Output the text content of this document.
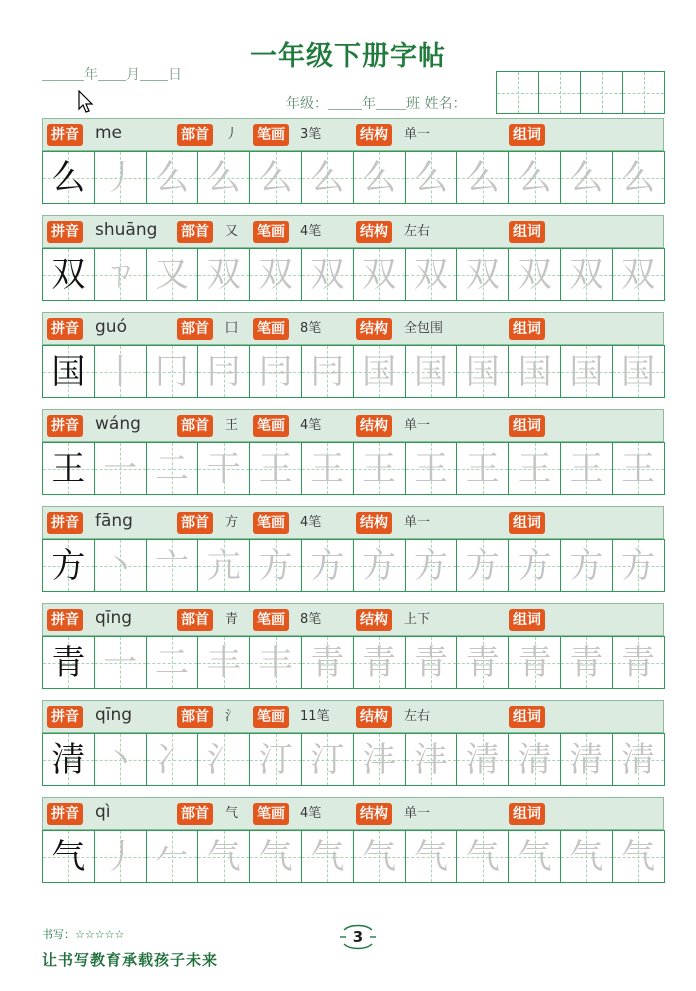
一年级下册字帖
年 月 日
年级： 年 班 姓名：
拼音 me	部首	丿 笔画	3笔	结构	单一	组词
么 丿 么 么 么 么 么 么 么 么 么 么
拼音 shuāng 部首	又 笔画	4笔	结构	左右	组词
双 ㄗ 又 双 双 双 双 双 双 双 双 双
拼音 guó	部首	囗 笔画	8笔	结构	全包围	组词
国 丨 冂 冃 冃 冃 国 国 国 国 国 国
拼音 wáng	部首	王 笔画	4笔	结构	单一	组词
王 一 二 干 王 王 王 王 王 王 王 王
拼音 fāng	部首	方 笔画	4笔	结构	单一	组词
方 丶 亠 亢 方 方 方 方 方 方 方 方
拼音 qīng	部首	青 笔画	8笔	结构	上下	组词
青 一 二 丰 丰 青 青 青 青 青 青 青
拼音 qīng	部首	氵 笔画	11笔 结构	左右	组词
清 丶 冫 氵 汀 汀 沣 沣 清 清 清 清
拼音 qì	部首	气 笔画	4笔	结构	单一	组词
气 丿 𠂉 气 气 气 气 气 气 气 气 气
书写：☆☆☆☆☆	3
让书写教育承载孩子未来
